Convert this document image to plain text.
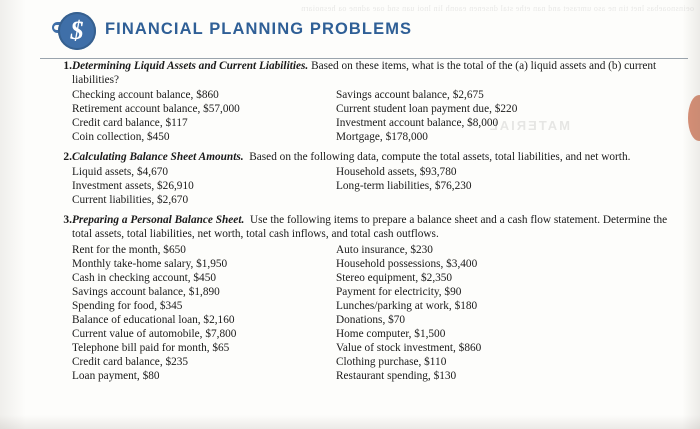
oeinsnoaebas lnet tin ne aso umraset and nan ethe stal dnsenen eaonh lin lnoi uan snd oae adnne oa hesnoiarn
MATERIAL
$	FINANCIAL PLANNING PROBLEMS
1. Determining Liquid Assets and Current Liabilities. Based on these items, what is the total of the (a) liquid assets and (b) current liabilities?

Checking account balance, $860
Retirement account balance, $57,000
Credit card balance, $117
Coin collection, $450
Savings account balance, $2,675
Current student loan payment due, $220
Investment account balance, $8,000
Mortgage, $178,000
2. Calculating Balance Sheet Amounts. Based on the following data, compute the total assets, total liabilities, and net worth.

Liquid assets, $4,670
Investment assets, $26,910
Current liabilities, $2,670
Household assets, $93,780
Long-term liabilities, $76,230
3. Preparing a Personal Balance Sheet. Use the following items to prepare a balance sheet and a cash flow statement. Determine the total assets, total liabilities, net worth, total cash inflows, and total cash outflows.

Rent for the month, $650
Monthly take-home salary, $1,950
Cash in checking account, $450
Savings account balance, $1,890
Spending for food, $345
Balance of educational loan, $2,160
Current value of automobile, $7,800
Telephone bill paid for month, $65
Credit card balance, $235
Loan payment, $80
Auto insurance, $230
Household possessions, $3,400
Stereo equipment, $2,350
Payment for electricity, $90
Lunches/parking at work, $180
Donations, $70
Home computer, $1,500
Value of stock investment, $860
Clothing purchase, $110
Restaurant spending, $130
